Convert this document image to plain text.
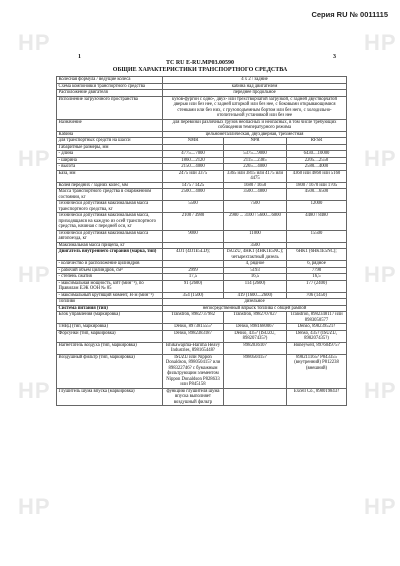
HP	HP
HP	HP
HP	HP
HP	HP
HP	HP
Серия RU № 0011115
1	3
TC RU E-RU.MP03.00590
ОБЩИЕ ХАРАКТЕРИСТИКИ ТРАНСПОРТНОГО СРЕДСТВА
Колесная формула / ведущие колеса	4 х 2 / задние		
Схема компоновки транспортного средства	кабина над двигателем		
Расположение двигателя	переднее продольное		
Исполнение загрузочного пространства	кузов-фургон с одно-, двух- или трехстворчатой загрузкой, с задней двустворчатой дверью или без нее, с задней шторкой или без нее, с боковыми открывающимися стенками или без них, с грузоподъемным бортом или без него, с холодильно-отопительной установкой или без нее		
Назначение	для перевозки различных грузов неопасных и неопасных, в том числе требующих соблюдения температурного режима		
Кабина	цельнометаллическая, двухдверная, трехместная		
для транспортных средств на шасси	NMR	NPR	RFSR
Габаритные размеры, мм			
- длина	4775....7000	5375....9000	6430....10000
- ширина	1860....2120	2115....2385	2205....2550
- высота	2150....4000	2265....4000	2580....4000
База, мм	2475 или 3375	3365 или 3815 или 4175 или 4475	4360 или 4860 или 5160
Колея передних / задних колес, мм	1475 / 1425	1680 / 1650	1800 / 1670 или 1705
Масса транспортного средства в снаряженном состоянии, кг	2500....4000	3500....4800	4500....6500
Технически допустимая максимальная масса транспортного средства, кг	5500	7500	12000
Технически допустимая максимальная масса, приходящаяся на каждую из осей транспортного средства, начиная с передней оси, кг	2100 / 3980	2900 ... 3100 / 5600....6000	4480 / 8480
Технически допустимая максимальная масса автопоезда, кг	9000	11000	15500
Максимальная масса прицепа, кг		3500	
Двигатель внутреннего сгорания (марка, тип)	4JJ1 (4JJ1E5LD);	ISUZU, 4HK1 (4HK1E5NC); четырехтактный дизель	6HK1 (6HK1E5NC);
- количество и расположение цилиндров		4, рядное	6, рядное
- рабочий объем цилиндров, см³	2999	5193	7790
- степень сжатия	17,5	16,5	16,5
- максимальная мощность, кВт (мин⁻¹), по Правилам ЕЭК ООН № 85	91 (2600)	114 (2600)	177 (2400)
- максимальный крутящий момент, Н·м (мин⁻¹)	354 (1500)	419 (1600....2600)	706 (1450)
Топливо	дизельное		
Система питания (тип)	непосредственный впрыск топлива с общей рампой		
Блок управления (маркировка)	Transtron, 8982737982	Transtron, 8982707027	Transtron, 8982348117 или 8983050577
ТНВД (тип, маркировка)	Denso, 897381555?	Denso, 8981680067	Denso, 898239521?
Форсунки (тип, маркировка)	Denso, 8982383187	Denso, 435? (ISUZU, 898207435?)	Denso, 435? (ISUZU, 898207435?)
Нагнетатель воздуха (тип, маркировка)	Ishikawajima-Harima Heavy Industries, 898165448?	898203610?	Honeywell, 897604975?
Воздушный фильтр (тип, маркировка)	ISUZU или Nippon Donaldson, 898050415? или 898322746? с бумажным фильтрующим элементом Nippon Donaldson P828633 или P845158	898050415?	898211165? P843355 (внутренний) P812238 (внешний)
Глушитель шума впуска (маркировка)	функцию глушителя шума впуска выполняет воздушный фильтр		Excell Co., 898019843?
